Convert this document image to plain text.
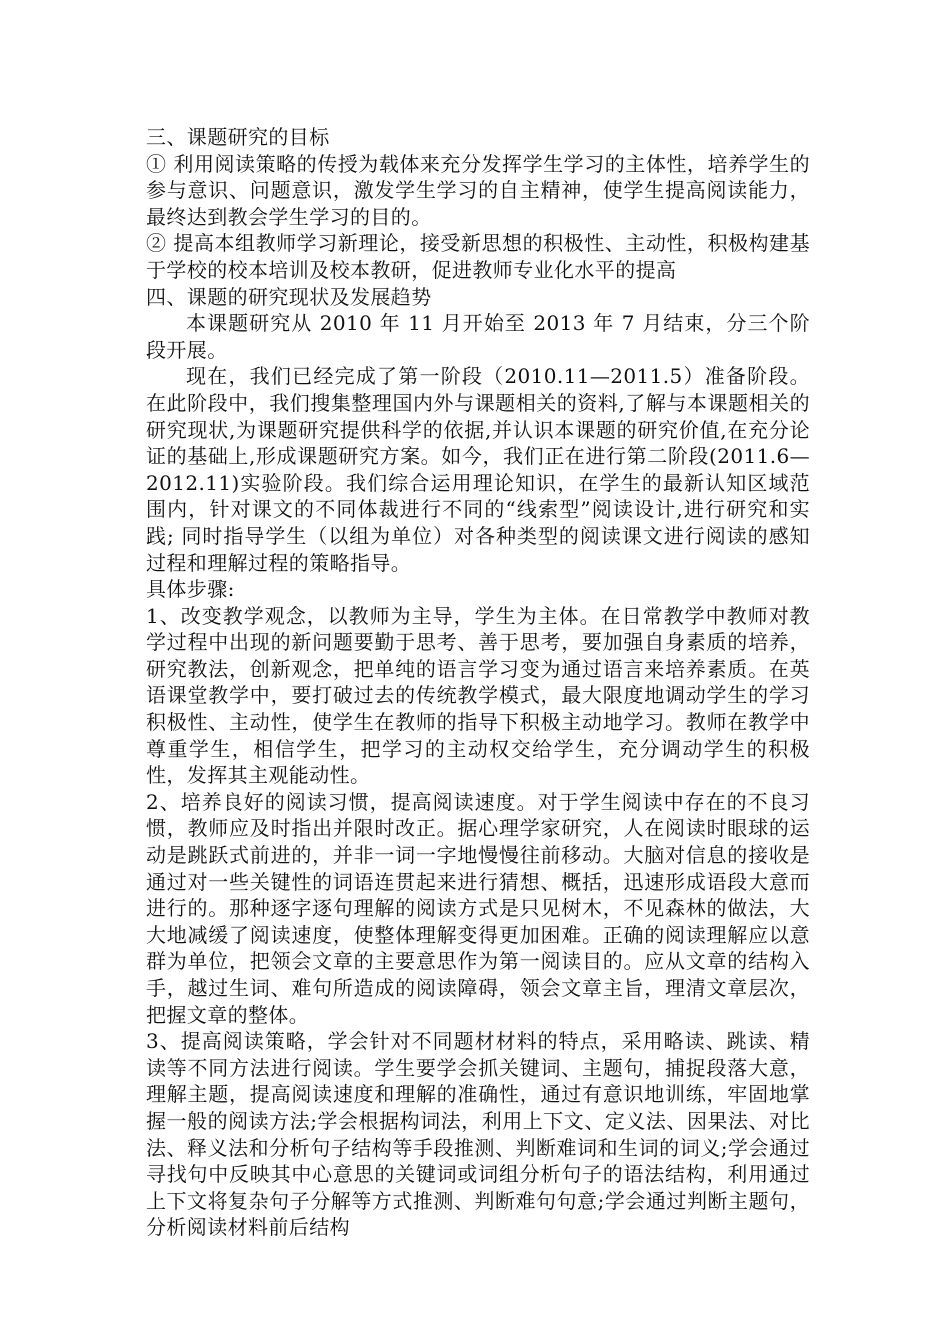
三、课题研究的目标

① 利用阅读策略的传授为载体来充分发挥学生学习的主体性，培养学生的参与意识、问题意识，激发学生学习的自主精神，使学生提高阅读能力，最终达到教会学生学习的目的。

② 提高本组教师学习新理论，接受新思想的积极性、主动性，积极构建基于学校的校本培训及校本教研，促进教师专业化水平的提高

四、课题的研究现状及发展趋势

本课题研究从 2010 年 11 月开始至 2013 年 7 月结束，分三个阶段开展。

现在，我们已经完成了第一阶段（2010.11—2011.5）准备阶段。在此阶段中，我们搜集整理国内外与课题相关的资料,了解与本课题相关的研究现状,为课题研究提供科学的依据,并认识本课题的研究价值,在充分论证的基础上,形成课题研究方案。如今，我们正在进行第二阶段(2011.6—2012.11)实验阶段。我们综合运用理论知识，在学生的最新认知区域范围内，针对课文的不同体裁进行不同的“线索型”阅读设计,进行研究和实践; 同时指导学生（以组为单位）对各种类型的阅读课文进行阅读的感知过程和理解过程的策略指导。

具体步骤:

1、改变教学观念，以教师为主导，学生为主体。在日常教学中教师对教学过程中出现的新问题要勤于思考、善于思考，要加强自身素质的培养，研究教法，创新观念，把单纯的语言学习变为通过语言来培养素质。在英语课堂教学中，要打破过去的传统教学模式，最大限度地调动学生的学习积极性、主动性，使学生在教师的指导下积极主动地学习。教师在教学中尊重学生，相信学生，把学习的主动权交给学生，充分调动学生的积极性，发挥其主观能动性。

2、培养良好的阅读习惯，提高阅读速度。对于学生阅读中存在的不良习惯，教师应及时指出并限时改正。据心理学家研究，人在阅读时眼球的运动是跳跃式前进的，并非一词一字地慢慢往前移动。大脑对信息的接收是通过对一些关键性的词语连贯起来进行猜想、概括，迅速形成语段大意而进行的。那种逐字逐句理解的阅读方式是只见树木，不见森林的做法，大大地减缓了阅读速度，使整体理解变得更加困难。正确的阅读理解应以意群为单位，把领会文章的主要意思作为第一阅读目的。应从文章的结构入手，越过生词、难句所造成的阅读障碍，领会文章主旨，理清文章层次，把握文章的整体。

3、提高阅读策略，学会针对不同题材材料的特点，采用略读、跳读、精读等不同方法进行阅读。学生要学会抓关键词、主题句，捕捉段落大意，理解主题，提高阅读速度和理解的准确性，通过有意识地训练，牢固地掌握一般的阅读方法;学会根据构词法，利用上下文、定义法、因果法、对比法、释义法和分析句子结构等手段推测、判断难词和生词的词义;学会通过寻找句中反映其中心意思的关键词或词组分析句子的语法结构，利用通过上下文将复杂句子分解等方式推测、判断难句句意;学会通过判断主题句，分析阅读材料前后结构
